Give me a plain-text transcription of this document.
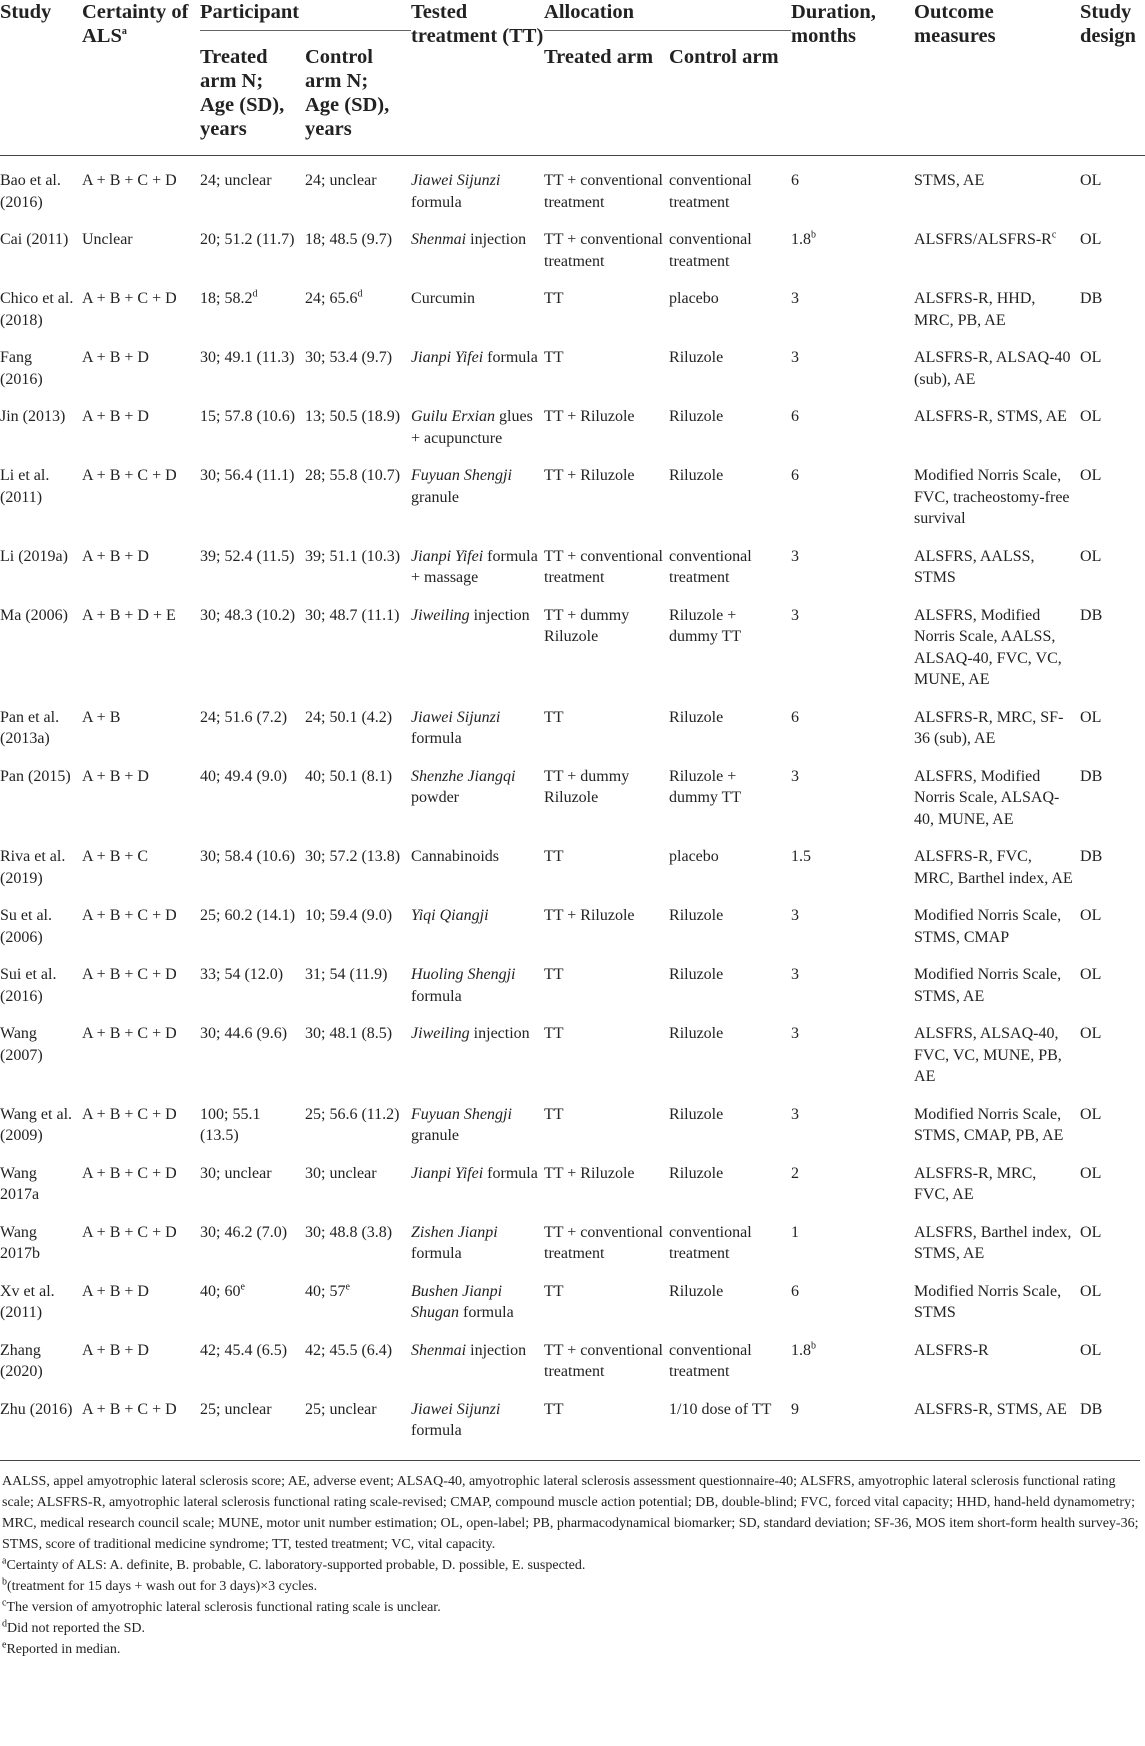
Study	Certainty of ALS$^a$	Participant		Tested treatment (TT)	Allocation		Duration, months	Outcome measures	Study design
		Treated arm N; Age (SD), years	Control arm N; Age (SD), years		Treated arm	Control arm			

Bao et al. (2016)	A + B + C + D	24; unclear	24; unclear	Jiawei Sijunzi formula	TT + conventional treatment	conventional treatment	6	STMS, AE	OL

Cai (2011)	Unclear	20; 51.2 (11.7)	18; 48.5 (9.7)	Shenmai injection	TT + conventional treatment	conventional treatment	1.8$^b$	ALSFRS/$ALSFRS-R^c$	OL

Chico et al. (2018)	A + B + C + D	18; 58.2$^d$	24; 65.6$^d$	Curcumin	TT	placebo	3	ALSFRS-R, HHD, MRC, PB, AE	DB

Fang (2016)	A + B + D	30; 49.1 (11.3)	30; 53.4 (9.7)	Jianpi Yifei formula	TT	Riluzole	3	ALSFRS-R, ALSAQ-40 (sub), AE	OL

Jin (2013)	A + B + D	15; 57.8 (10.6)	13; 50.5 (18.9)	Guilu Erxian glues + acupuncture	TT + Riluzole	Riluzole	6	ALSFRS-R, STMS, AE	OL

Li et al. (2011)	A + B + C + D	30; 56.4 (11.1)	28; 55.8 (10.7)	Fuyuan Shengji granule	TT + Riluzole	Riluzole	6	Modified Norris Scale, FVC, tracheostomy-free survival	OL

Li (2019a)	A + B + D	39; 52.4 (11.5)	39; 51.1 (10.3)	Jianpi Yifei formula + massage	TT + conventional treatment	conventional treatment	3	ALSFRS, AALSS, STMS	OL

Ma (2006)	A + B + D + E	30; 48.3 (10.2)	30; 48.7 (11.1)	Jiweiling injection	TT + dummy Riluzole	Riluzole + dummy TT	3	ALSFRS, Modified Norris Scale, AALSS, ALSAQ-40, FVC, VC, MUNE, AE	DB

Pan et al. (2013a)	A + B	24; 51.6 (7.2)	24; 50.1 (4.2)	Jiawei Sijunzi formula	TT	Riluzole	6	ALSFRS-R, MRC, SF-36 (sub), AE	OL

Pan (2015)	A + B + D	40; 49.4 (9.0)	40; 50.1 (8.1)	Shenzhe Jiangqi powder	TT + dummy Riluzole	Riluzole + dummy TT	3	ALSFRS, Modified Norris Scale, ALSAQ-40, MUNE, AE	DB

Riva et al. (2019)	A + B + C	30; 58.4 (10.6)	30; 57.2 (13.8)	Cannabinoids	TT	placebo	1.5	ALSFRS-R, FVC, MRC, Barthel index, AE	DB

Su et al. (2006)	A + B + C + D	25; 60.2 (14.1)	10; 59.4 (9.0)	Yiqi Qiangji	TT + Riluzole	Riluzole	3	Modified Norris Scale, STMS, CMAP	OL

Sui et al. (2016)	A + B + C + D	33; 54 (12.0)	31; 54 (11.9)	Huoling Shengji formula	TT	Riluzole	3	Modified Norris Scale, STMS, AE	OL

Wang (2007)	A + B + C + D	30; 44.6 (9.6)	30; 48.1 (8.5)	Jiweiling injection	TT	Riluzole	3	ALSFRS, ALSAQ-40, FVC, VC, MUNE, PB, AE	OL

Wang et al. (2009)	A + B + C + D	100; 55.1 (13.5)	25; 56.6 (11.2)	Fuyuan Shengji granule	TT	Riluzole	3	Modified Norris Scale, STMS, CMAP, PB, AE	OL

Wang 2017a	A + B + C + D	30; unclear	30; unclear	Jianpi Yifei formula	TT + Riluzole	Riluzole	2	ALSFRS-R, MRC, FVC, AE	OL

Wang 2017b	A + B + C + D	30; 46.2 (7.0)	30; 48.8 (3.8)	Zishen Jianpi formula	TT + conventional treatment	conventional treatment	1	ALSFRS, Barthel index, STMS, AE	OL

Xv et al. (2011)	A + B + D	40; 60e	40; 57e	Bushen Jianpi Shugan formula	TT	Riluzole	6	Modified Norris Scale, STMS	OL

Zhang (2020)	A + B + D	42; 45.4 (6.5)	42; 45.5 (6.4)	Shenmai injection	TT + conventional treatment	conventional treatment	1.8$^b$	ALSFRS-R	OL

Zhu (2016)	A + B + C + D	25; unclear	25; unclear	Jiawei Sijunzi formula	TT	1/10 dose of TT	9	ALSFRS-R, STMS, AE	DB

AALSS, appel amyotrophic lateral sclerosis score; AE, adverse event; ALSAQ-40, amyotrophic lateral sclerosis assessment questionnaire-40; ALSFRS, amyotrophic lateral sclerosis functional rating scale; ALSFRS-R, amyotrophic lateral sclerosis functional rating scale-revised; CMAP, compound muscle action potential; DB, double-blind; FVC, forced vital capacity; HHD, hand-held dynamometry; MRC, medical research council scale; MUNE, motor unit number estimation; OL, open-label; PB, pharmacodynamical biomarker; SD, standard deviation; SF-36, MOS item short-form health survey-36; STMS, score of traditional medicine syndrome; TT, tested treatment; VC, vital capacity.

$^a$Certainty of ALS: A. definite, B. probable, C. laboratory-supported probable, D. possible, E. suspected.

$^b$(treatment for 15 days + wash out for 3 days)×3 cycles.

$^c$The version of amyotrophic lateral sclerosis functional rating scale is unclear.

$^d$Did not reported the SD.

$^e$Reported in median.
